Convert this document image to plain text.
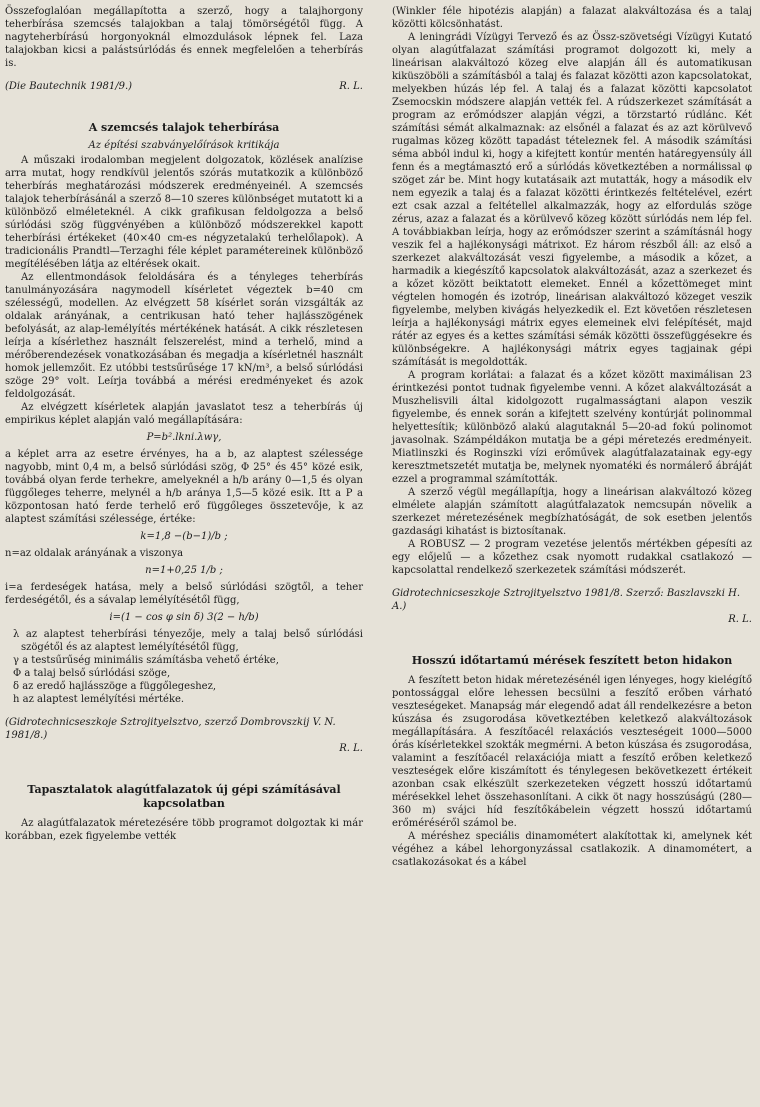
Összefoglalóan megállapította a szerző, hogy a talajhorgony teherbírása szemcsés talajokban a talaj tömörségétől függ. A nagyteherbírású horgonyoknál elmozdulások lépnek fel. Laza talajokban kicsi a palástsúrlódás és ennek megfelelően a teherbírás is.

(Die Bautechnik 1981/9.)	R. L.
A szemcsés talajok teherbírása
Az építési szabványelőírások kritikája

A műszaki irodalomban megjelent dolgozatok, közlések analízise arra mutat, hogy rendkívül jelentős szórás mutatkozik a különböző teherbírás meghatározási módszerek eredményeinél. A szemcsés talajok teherbírásánál a szerző 8—10 szeres különbséget mutatott ki a különböző elméleteknél. A cikk grafikusan feldolgozza a belső súrlódási szög függvényében a különböző módszerekkel kapott teherbírási értékeket (40×40 cm-es négyzetalakú terhelőlapok). A tradicionális Prandtl—Terzaghi féle képlet paramétereinek különböző megítélésében látja az eltérések okait.

Az ellentmondások feloldására és a tényleges teherbírás tanulmányozására nagymodell kísérletet végeztek b=40 cm szélességű, modellen. Az elvégzett 58 kísérlet során vizsgálták az oldalak arányának, a centrikusan ható teher hajlásszögének befolyását, az alap-lemélyítés mértékének hatását. A cikk részletesen leírja a kísérlethez használt felszerelést, mind a terhelő, mind a mérőberendezések vonatkozásában és megadja a kísérletnél használt homok jellemzőit. Ez utóbbi testsűrűsége 17 kN/m³, a belső súrlódási szöge 29° volt. Leírja továbbá a mérési eredményeket és azok feldolgozását.

Az elvégzett kísérletek alapján javaslatot tesz a teherbírás új empirikus képlet alapján való megállapítására:

P=b².lkni.λwγ,

a képlet arra az esetre érvényes, ha a b, az alaptest szélessége nagyobb, mint 0,4 m, a belső súrlódási szög, Φ 25° és 45° közé esik, továbbá olyan ferde terhekre, amelyeknél a h/b arány 0—1,5 és olyan függőleges teherre, melynél a h/b aránya 1,5—5 közé esik. Itt a P a központosan ható ferde terhelő erő függőleges összetevője, k az alaptest számítási szélessége, értéke:

k=1,8 −(b−1)/b ;

n=az oldalak arányának a viszonya

n=1+0,25 1/b ;

i=a ferdeségek hatása, mely a belső súrlódási szögtől, a teher ferdeségétől, és a sávalap lemélyítésétől függ,

i=(1 − cos φ sin δ) 3(2 − h/b)

λ az alaptest teherbírási tényezője, mely a talaj belső súrlódási szögétől és az alaptest lemélyítésétől függ,

γ a testsűrűség minimális számításba vehető értéke,

Φ a talaj belső súrlódási szöge,

δ az eredő hajlásszöge a függőlegeshez,

h az alaptest lemélyítési mértéke.

(Gidrotechnicseszkoje Sztrojityelsztvo, szerző Dombrovszkij V. N. 1981/8.)
R. L.
Tapasztalatok alagútfalazatok új gépi számításával kapcsolatban

Az alagútfalazatok méretezésére több programot dolgoztak ki már korábban, ezek figyelembe vették

(Winkler féle hipotézis alapján) a falazat alakváltozása és a talaj közötti kölcsönhatást.

A leningrádi Vízügyi Tervező és az Össz-szövetségi Vízügyi Kutató olyan alagútfalazat számítási programot dolgozott ki, mely a lineárisan alakváltozó közeg elve alapján áll és automatikusan kiküszöböli a számításból a talaj és falazat közötti azon kapcsolatokat, melyekben húzás lép fel. A talaj és a falazat közötti kapcsolatot Zsemocskin módszere alapján vették fel. A rúdszerkezet számítását a program az erőmódszer alapján végzi, a törzstartó rúdlánc. Két számítási sémát alkalmaznak: az elsőnél a falazat és az azt körülvevő rugalmas közeg között tapadást tételeznek fel. A második számítási séma abból indul ki, hogy a kifejtett kontúr mentén határegyensúly áll fenn és a megtámasztó erő a súrlódás következtében a normálissal φ szöget zár be. Mint hogy kutatásaik azt mutatták, hogy a második elv nem egyezik a talaj és a falazat közötti érintkezés feltételével, ezért ezt csak azzal a feltétellel alkalmazzák, hogy az elfordulás szöge zérus, azaz a falazat és a körülvevő közeg között súrlódás nem lép fel. A továbbiakban leírja, hogy az erőmódszer szerint a számításnál hogy veszik fel a hajlékonysági mátrixot. Ez három részből áll: az első a szerkezet alakváltozását veszi figyelembe, a második a kőzet, a harmadik a kiegészítő kapcsolatok alakváltozását, azaz a szerkezet és a kőzet között beiktatott elemeket. Ennél a kőzettömeget mint végtelen homogén és izotróp, lineárisan alakváltozó közeget veszik figyelembe, melyben kivágás helyezkedik el. Ezt követően részletesen leírja a hajlékonysági mátrix egyes elemeinek elvi felépítését, majd rátér az egyes és a kettes számítási sémák közötti összefüggésekre és különbségekre. A hajlékonysági mátrix egyes tagjainak gépi számítását is megoldották.

A program korlátai: a falazat és a kőzet között maximálisan 23 érintkezési pontot tudnak figyelembe venni. A kőzet alakváltozását a Muszhelisvili által kidolgozott rugalmasságtani alapon veszik figyelembe, és ennek során a kifejtett szelvény kontúrját polinommal helyettesítik; különböző alakú alagutaknál 5—20-ad fokú polinomot javasolnak. Számpéldákon mutatja be a gépi méretezés eredményeit. Miatlinszki és Roginszki vízi erőművek alagútfalazatainak egy-egy keresztmetszetét mutatja be, melynek nyomatéki és normálerő ábráját ezzel a programmal számították.

A szerző végül megállapítja, hogy a lineárisan alakváltozó közeg elmélete alapján számított alagútfalazatok nemcsupán növelik a szerkezet méretezésének megbízhatóságát, de sok esetben jelentős gazdasági kihatást is biztosítanak.

A ROBUSZ — 2 program vezetése jelentős mértékben gépesíti az egy előjelű — a kőzethez csak nyomott rudakkal csatlakozó — kapcsolattal rendelkező szerkezetek számítási módszerét.

Gidrotechnicseszkoje Sztrojityelsztvo 1981/8. Szerző: Baszlavszki H. A.)
R. L.
Hosszú időtartamú mérések feszített beton hidakon

A feszített beton hidak méretezésénél igen lényeges, hogy kielégítő pontossággal előre lehessen becsülni a feszítő erőben várható veszteségeket. Manapság már elegendő adat áll rendelkezésre a beton kúszása és zsugorodása következtében keletkező alakváltozások megállapítására. A feszítőacél relaxációs veszteségeit 1000—5000 órás kísérletekkel szokták megmérni. A beton kúszása és zsugorodása, valamint a feszítőacél relaxációja miatt a feszítő erőben keletkező veszteségek előre kiszámított és ténylegesen bekövetkezett értékeit azonban csak elkészült szerkezeteken végzett hosszú időtartamú mérésekkel lehet összehasonlítani. A cikk öt nagy hosszúságú (280—360 m) svájci híd feszítőkábelein végzett hosszú időtartamú erőméréséről számol be.

A méréshez speciális dinamométert alakítottak ki, amelynek két végéhez a kábel lehorgonyzással csatlakozik. A dinamométert, a csatlakozásokat és a kábel
